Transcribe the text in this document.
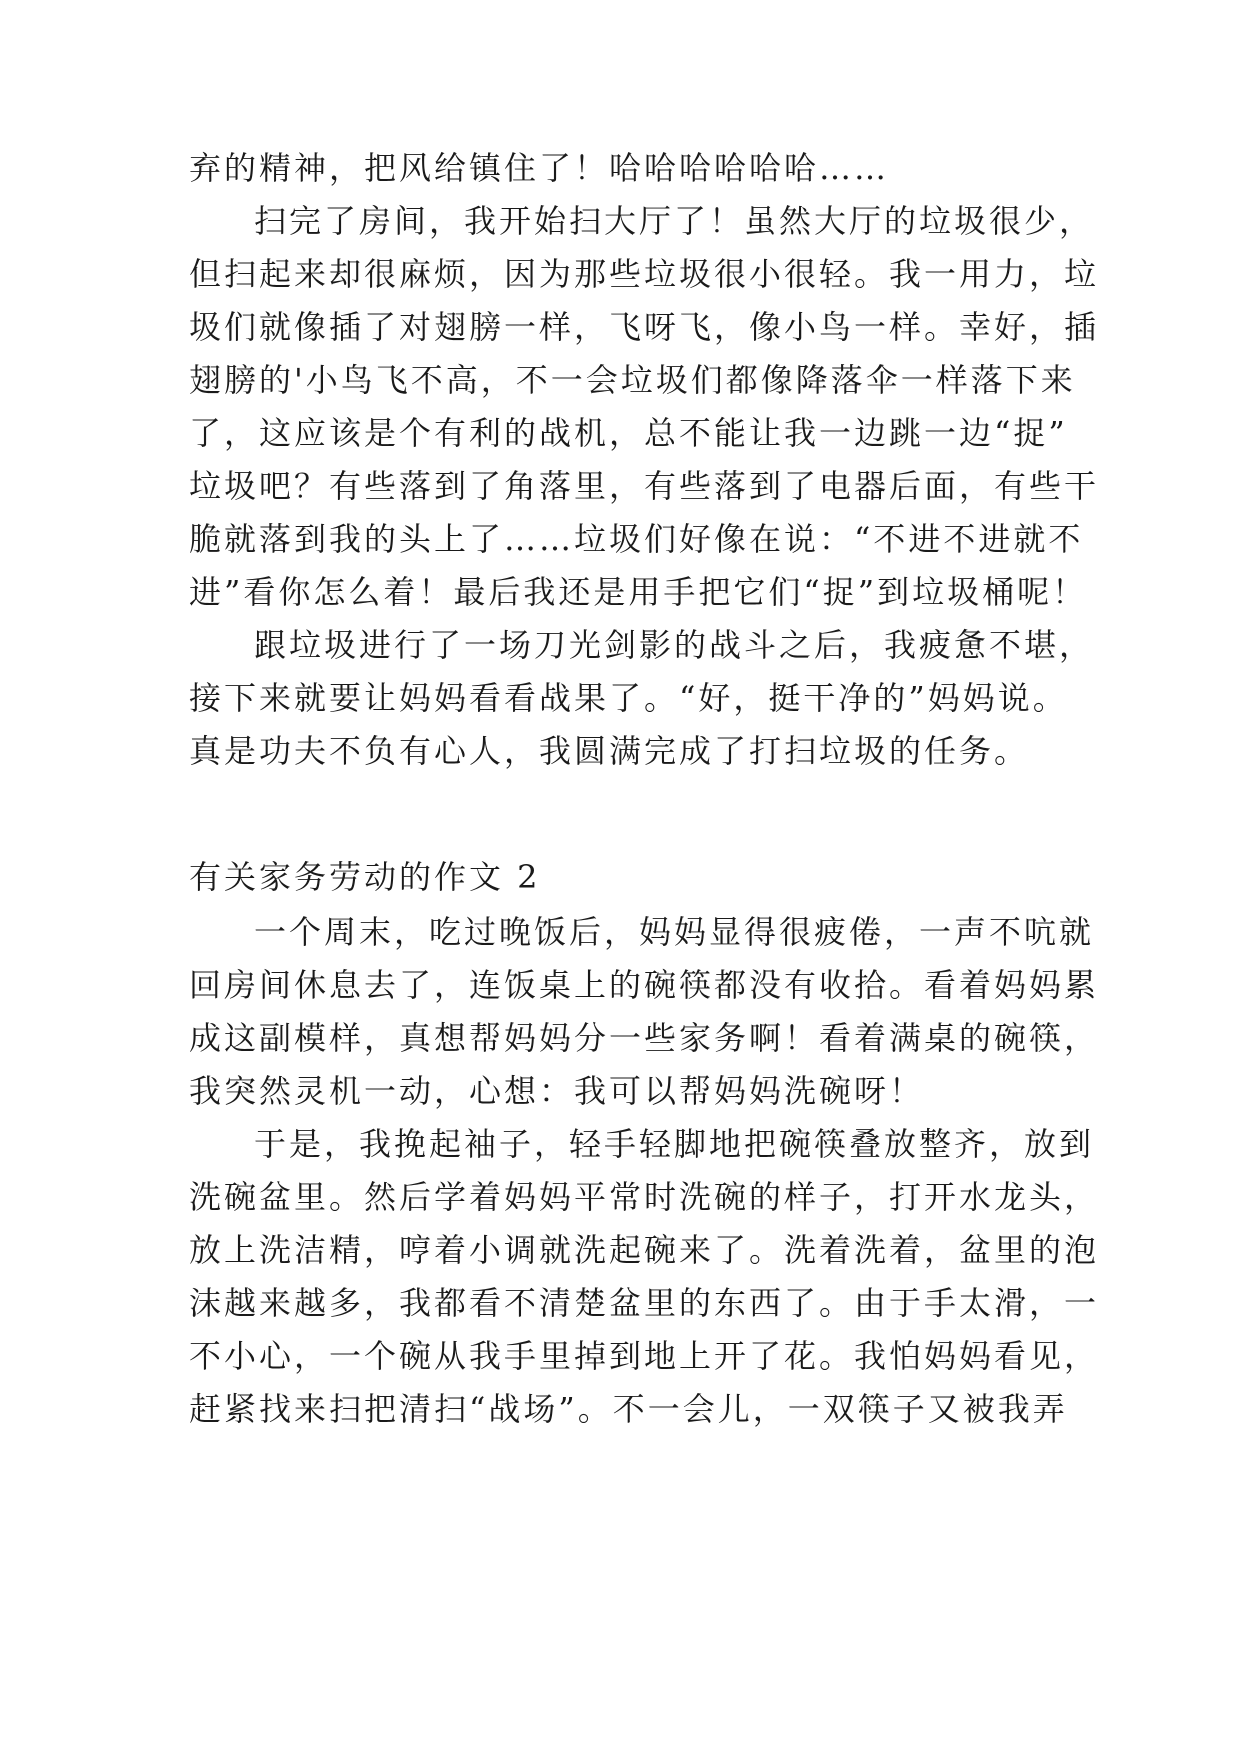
弃的精神，把风给镇住了！哈哈哈哈哈哈……
扫完了房间，我开始扫大厅了！虽然大厅的垃圾很少，
但扫起来却很麻烦，因为那些垃圾很小很轻。我一用力，垃
圾们就像插了对翅膀一样，飞呀飞，像小鸟一样。幸好，插
翅膀的'小鸟飞不高，不一会垃圾们都像降落伞一样落下来
了，这应该是个有利的战机，总不能让我一边跳一边“捉”
垃圾吧？有些落到了角落里，有些落到了电器后面，有些干
脆就落到我的头上了……垃圾们好像在说：“不进不进就不
进”看你怎么着！最后我还是用手把它们“捉”到垃圾桶呢！
跟垃圾进行了一场刀光剑影的战斗之后，我疲惫不堪，
接下来就要让妈妈看看战果了。“好，挺干净的”妈妈说。
真是功夫不负有心人，我圆满完成了打扫垃圾的任务。
有关家务劳动的作文 2
一个周末，吃过晚饭后，妈妈显得很疲倦，一声不吭就
回房间休息去了，连饭桌上的碗筷都没有收拾。看着妈妈累
成这副模样，真想帮妈妈分一些家务啊！看着满桌的碗筷，
我突然灵机一动，心想：我可以帮妈妈洗碗呀！
于是，我挽起袖子，轻手轻脚地把碗筷叠放整齐，放到
洗碗盆里。然后学着妈妈平常时洗碗的样子，打开水龙头，
放上洗洁精，哼着小调就洗起碗来了。洗着洗着，盆里的泡
沫越来越多，我都看不清楚盆里的东西了。由于手太滑，一
不小心，一个碗从我手里掉到地上开了花。我怕妈妈看见，
赶紧找来扫把清扫“战场”。不一会儿，一双筷子又被我弄
